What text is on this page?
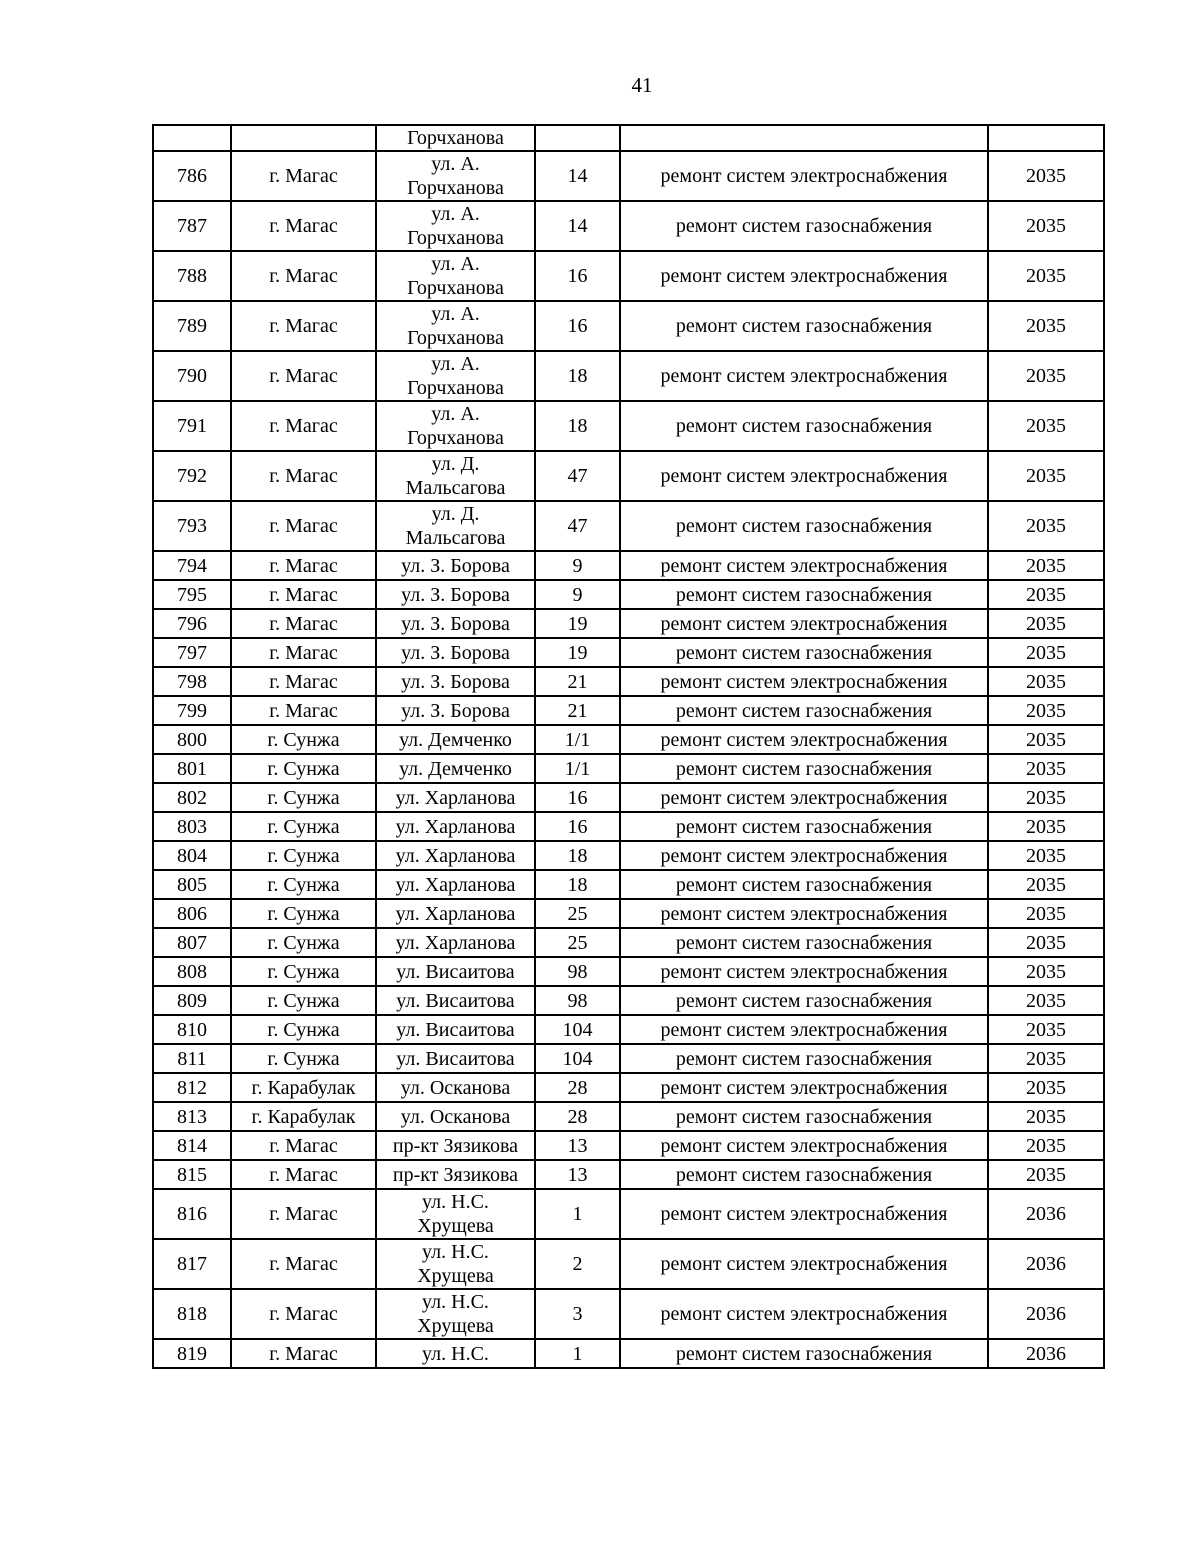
41
		Горчханова			
786	г. Магас	ул. А.
Горчханова	14	ремонт систем электроснабжения	2035
787	г. Магас	ул. А.
Горчханова	14	ремонт систем газоснабжения	2035
788	г. Магас	ул. А.
Горчханова	16	ремонт систем электроснабжения	2035
789	г. Магас	ул. А.
Горчханова	16	ремонт систем газоснабжения	2035
790	г. Магас	ул. А.
Горчханова	18	ремонт систем электроснабжения	2035
791	г. Магас	ул. А.
Горчханова	18	ремонт систем газоснабжения	2035
792	г. Магас	ул. Д.
Мальсагова	47	ремонт систем электроснабжения	2035
793	г. Магас	ул. Д.
Мальсагова	47	ремонт систем газоснабжения	2035
794	г. Магас	ул. З. Борова	9	ремонт систем электроснабжения	2035
795	г. Магас	ул. З. Борова	9	ремонт систем газоснабжения	2035
796	г. Магас	ул. З. Борова	19	ремонт систем электроснабжения	2035
797	г. Магас	ул. З. Борова	19	ремонт систем газоснабжения	2035
798	г. Магас	ул. З. Борова	21	ремонт систем электроснабжения	2035
799	г. Магас	ул. З. Борова	21	ремонт систем газоснабжения	2035
800	г. Сунжа	ул. Демченко	1/1	ремонт систем электроснабжения	2035
801	г. Сунжа	ул. Демченко	1/1	ремонт систем газоснабжения	2035
802	г. Сунжа	ул. Харланова	16	ремонт систем электроснабжения	2035
803	г. Сунжа	ул. Харланова	16	ремонт систем газоснабжения	2035
804	г. Сунжа	ул. Харланова	18	ремонт систем электроснабжения	2035
805	г. Сунжа	ул. Харланова	18	ремонт систем газоснабжения	2035
806	г. Сунжа	ул. Харланова	25	ремонт систем электроснабжения	2035
807	г. Сунжа	ул. Харланова	25	ремонт систем газоснабжения	2035
808	г. Сунжа	ул. Висаитова	98	ремонт систем электроснабжения	2035
809	г. Сунжа	ул. Висаитова	98	ремонт систем газоснабжения	2035
810	г. Сунжа	ул. Висаитова	104	ремонт систем электроснабжения	2035
811	г. Сунжа	ул. Висаитова	104	ремонт систем газоснабжения	2035
812	г. Карабулак	ул. Осканова	28	ремонт систем электроснабжения	2035
813	г. Карабулак	ул. Осканова	28	ремонт систем газоснабжения	2035
814	г. Магас	пр-кт Зязикова	13	ремонт систем электроснабжения	2035
815	г. Магас	пр-кт Зязикова	13	ремонт систем газоснабжения	2035
816	г. Магас	ул. Н.С.
Хрущева	1	ремонт систем электроснабжения	2036
817	г. Магас	ул. Н.С.
Хрущева	2	ремонт систем электроснабжения	2036
818	г. Магас	ул. Н.С.
Хрущева	3	ремонт систем электроснабжения	2036
819	г. Магас	ул. Н.С.	1	ремонт систем газоснабжения	2036
